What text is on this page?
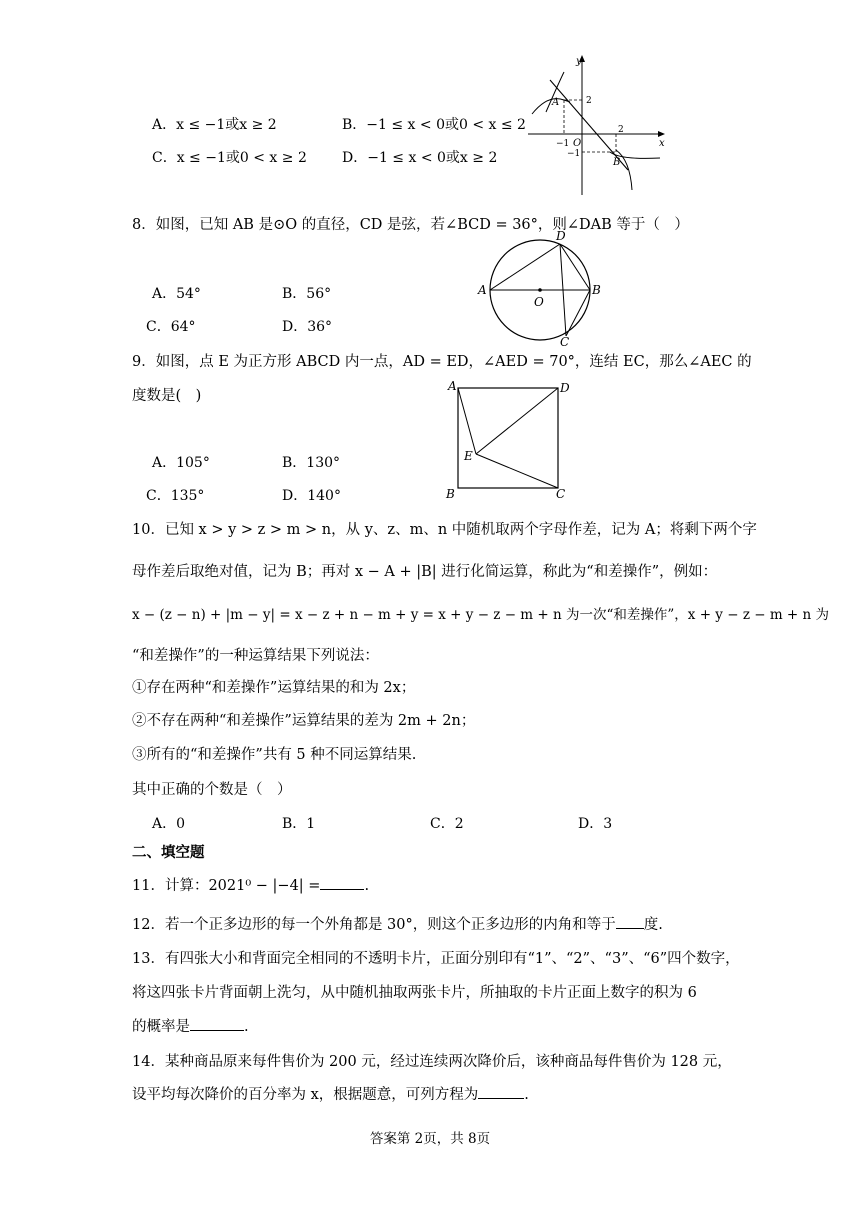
A．x ≤ −1或x ≥ 2	B．−1 ≤ x < 0或0 < x ≤ 2
C．x ≤ −1或0 < x ≥ 2	D．−1 ≤ x < 0或x ≥ 2
y
x
A
B
O
2
2
−1
−1
8．如图，已知 AB 是⊙O 的直径，CD 是弦，若∠BCD = 36°，则∠DAB 等于（　）
A．54°	B．56°
C．64°	D．36°
A	B
C
D
O
9．如图，点 E 为正方形 ABCD 内一点，AD = ED，∠AED = 70°，连结 EC，那么∠AEC 的
度数是(　)
A．105°	B．130°
C．135°	D．140°
A	D
B	C
E
10．已知 x > y > z > m > n，从 y、z、m、n 中随机取两个字母作差，记为 A；将剩下两个字
母作差后取绝对值，记为 B；再对 x − A + |B| 进行化简运算，称此为“和差操作”，例如：
x − (z − n) + |m − y| = x − z + n − m + y = x + y − z − m + n 为一次“和差操作”，x + y − z − m + n 为
“和差操作”的一种运算结果下列说法：
①存在两种“和差操作”运算结果的和为 2x；
②不存在两种“和差操作”运算结果的差为 2m + 2n；
③所有的“和差操作”共有 5 种不同运算结果.
其中正确的个数是（　）
A．0	B．1	C．2	D．3
二、填空题
11．计算：2021⁰ − |−4| =	.
12．若一个正多边形的每一个外角都是 30°，则这个正多边形的内角和等于 度.
13．有四张大小和背面完全相同的不透明卡片，正面分别印有“1”、“2”、“3”、“6”四个数字，
将这四张卡片背面朝上洗匀，从中随机抽取两张卡片，所抽取的卡片正面上数字的积为 6
的概率是	.
14．某种商品原来每件售价为 200 元，经过连续两次降价后，该种商品每件售价为 128 元，
设平均每次降价的百分率为 x，根据题意，可列方程为	.
答案第 2页，共 8页
